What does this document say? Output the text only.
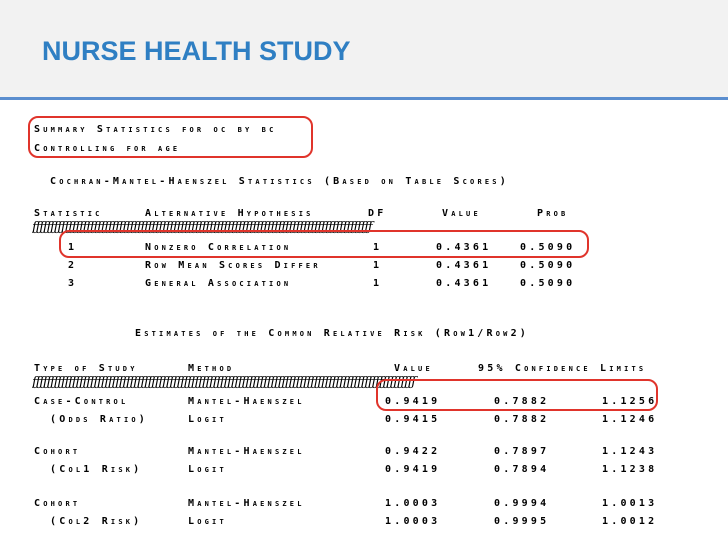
NURSE HEALTH STUDY
Summary Statistics for oc by bc
Controlling for age
Cochran-Mantel-Haenszel Statistics (Based on Table Scores)
Statistic	Alternative Hypothesis	DF	Value	Prob
ƒƒƒƒƒƒƒƒƒƒƒƒƒƒƒƒƒƒƒƒƒƒƒƒƒƒƒƒƒƒƒƒƒƒƒƒƒƒƒƒƒƒƒƒƒƒƒƒƒƒƒƒƒƒƒƒƒƒƒƒƒƒƒƒƒƒƒƒƒƒƒƒƒƒƒƒƒƒƒƒƒƒƒƒƒƒƒƒƒƒƒƒƒƒ
1	Nonzero Correlation	1	0.4361	0.5090
2	Row Mean Scores Differ	1	0.4361	0.5090
3	General Association	1	0.4361	0.5090
Estimates of the Common Relative Risk (Row1/Row2)
Type of Study	Method	Value	95% Confidence Limits
ƒƒƒƒƒƒƒƒƒƒƒƒƒƒƒƒƒƒƒƒƒƒƒƒƒƒƒƒƒƒƒƒƒƒƒƒƒƒƒƒƒƒƒƒƒƒƒƒƒƒƒƒƒƒƒƒƒƒƒƒƒƒƒƒƒƒƒƒƒƒƒƒƒƒƒƒƒƒƒƒƒƒƒƒƒƒƒƒƒƒƒƒƒƒƒƒƒƒƒƒƒƒƒƒƒƒ
Case-Control	Mantel-Haenszel	0.9419	0.7882	1.1256
(Odds Ratio)	Logit	0.9415	0.7882	1.1246
Cohort	Mantel-Haenszel	0.9422	0.7897	1.1243
(Col1 Risk)	Logit	0.9419	0.7894	1.1238
Cohort	Mantel-Haenszel	1.0003	0.9994	1.0013
(Col2 Risk)	Logit	1.0003	0.9995	1.0012
